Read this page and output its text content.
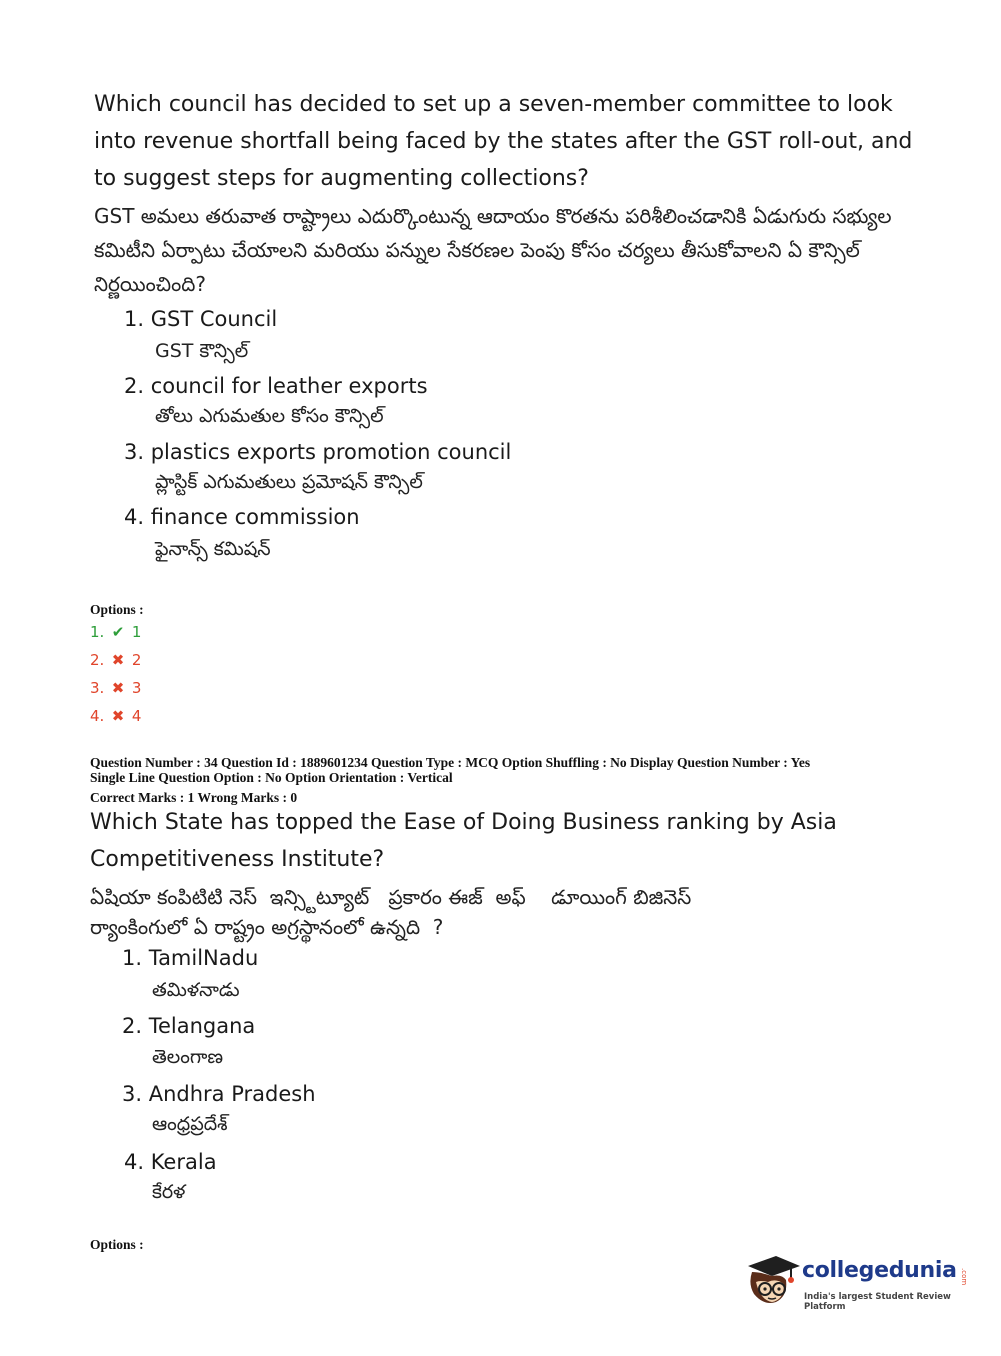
Which council has decided to set up a seven-member committee to look into revenue shortfall being faced by the states after the GST roll-out, and to suggest steps for augmenting collections?
GST అమలు తరువాత రాష్ట్రాలు ఎదుర్కొంటున్న ఆదాయం కొరతను పరిశీలించడానికి ఏడుగురు సభ్యుల కమిటీని ఏర్పాటు చేయాలని మరియు పన్నుల సేకరణల పెంపు కోసం చర్యలు తీసుకోవాలని ఏ కౌన్సిల్ నిర్ణయించింది?
1. GST Council
GST కౌన్సిల్
2. council for leather exports
తోలు ఎగుమతుల కోసం కౌన్సిల్
3. plastics exports promotion council
ప్లాస్టిక్ ఎగుమతులు ప్రమోషన్ కౌన్సిల్
4. finance commission
ఫైనాన్స్ కమిషన్
Options :
1. ✔ 1
2. ✖ 2
3. ✖ 3
4. ✖ 4
Question Number : 34 Question Id : 1889601234 Question Type : MCQ Option Shuffling : No Display Question Number : Yes
Single Line Question Option : No Option Orientation : Vertical
Correct Marks : 1 Wrong Marks : 0
Which State has topped the Ease of Doing Business ranking by Asia Competitiveness Institute?
ఏషియా కంపిటిటి నెస్  ఇన్స్టిట్యూట్   ప్రకారం ఈజ్  అఫ్    డూయింగ్ బిజినెస్
ర్యాంకింగులో ఏ రాష్ట్రం అగ్రస్థానంలో ఉన్నది  ?
1. TamilNadu
తమిళనాడు
2. Telangana
తెలంగాణ
3. Andhra Pradesh
ఆంధ్రప్రదేశ్
4. Kerala
కేరళ
Options :
collegedunia .com
India's largest Student Review Platform
